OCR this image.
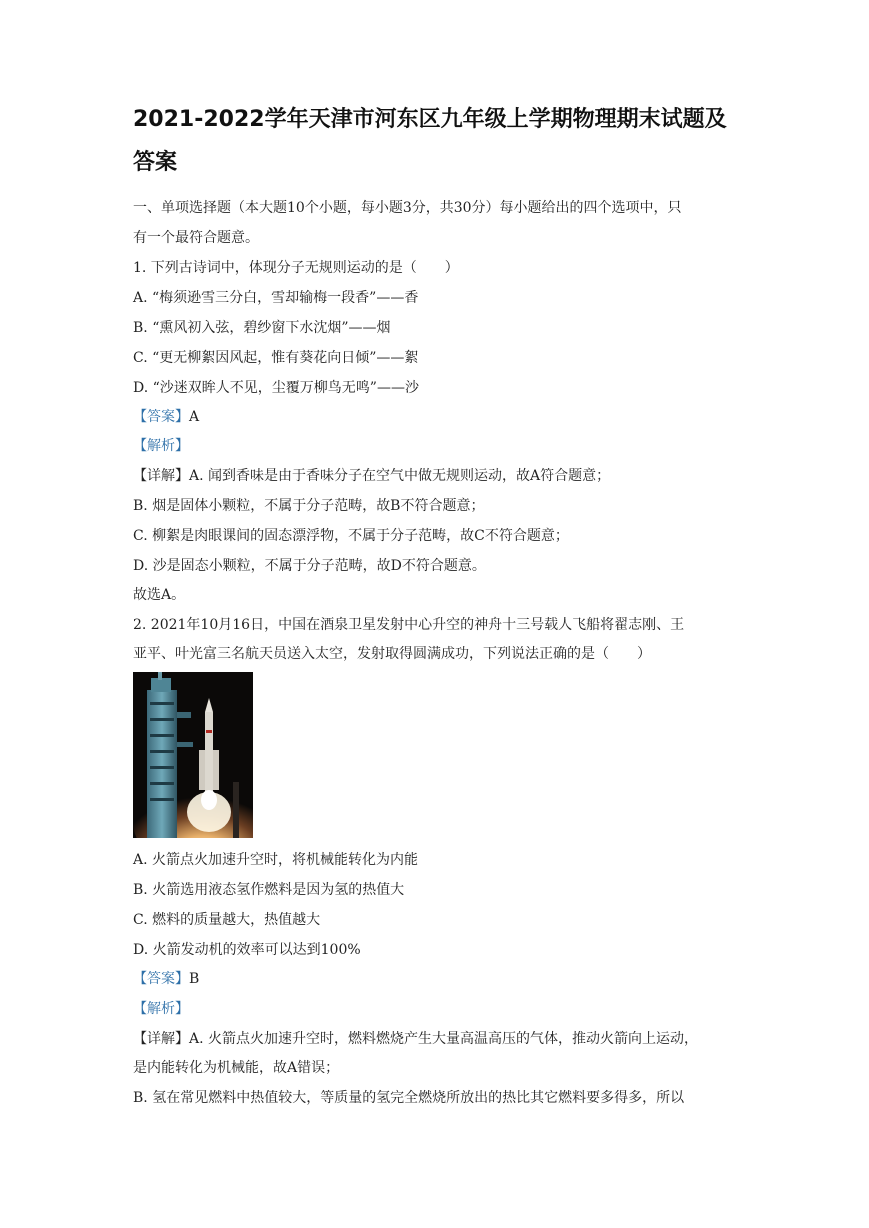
2021-2022学年天津市河东区九年级上学期物理期末试题及
答案
一、单项选择题（本大题10个小题，每小题3分，共30分）每小题给出的四个选项中，只
有一个最符合题意。
1. 下列古诗词中，体现分子无规则运动的是（　　）
A. “梅须逊雪三分白，雪却输梅一段香”——香
B. “熏风初入弦，碧纱窗下水沈烟”——烟
C. “更无柳絮因风起，惟有葵花向日倾”——絮
D. “沙迷双眸人不见，尘覆万柳鸟无鸣”——沙
【答案】A
【解析】
【详解】A. 闻到香味是由于香味分子在空气中做无规则运动，故A符合题意；
B. 烟是固体小颗粒，不属于分子范畴，故B不符合题意；
C. 柳絮是肉眼课间的固态漂浮物，不属于分子范畴，故C不符合题意；
D. 沙是固态小颗粒，不属于分子范畴，故D不符合题意。
故选A。
2. 2021年10月16日，中国在酒泉卫星发射中心升空的神舟十三号载人飞船将翟志刚、王
亚平、叶光富三名航天员送入太空，发射取得圆满成功，下列说法正确的是（　　）
A. 火箭点火加速升空时，将机械能转化为内能
B. 火箭选用液态氢作燃料是因为氢的热值大
C. 燃料的质量越大，热值越大
D. 火箭发动机的效率可以达到100%
【答案】B
【解析】
【详解】A. 火箭点火加速升空时，燃料燃烧产生大量高温高压的气体，推动火箭向上运动，
是内能转化为机械能，故A错误；
B. 氢在常见燃料中热值较大，等质量的氢完全燃烧所放出的热比其它燃料要多得多，所以
